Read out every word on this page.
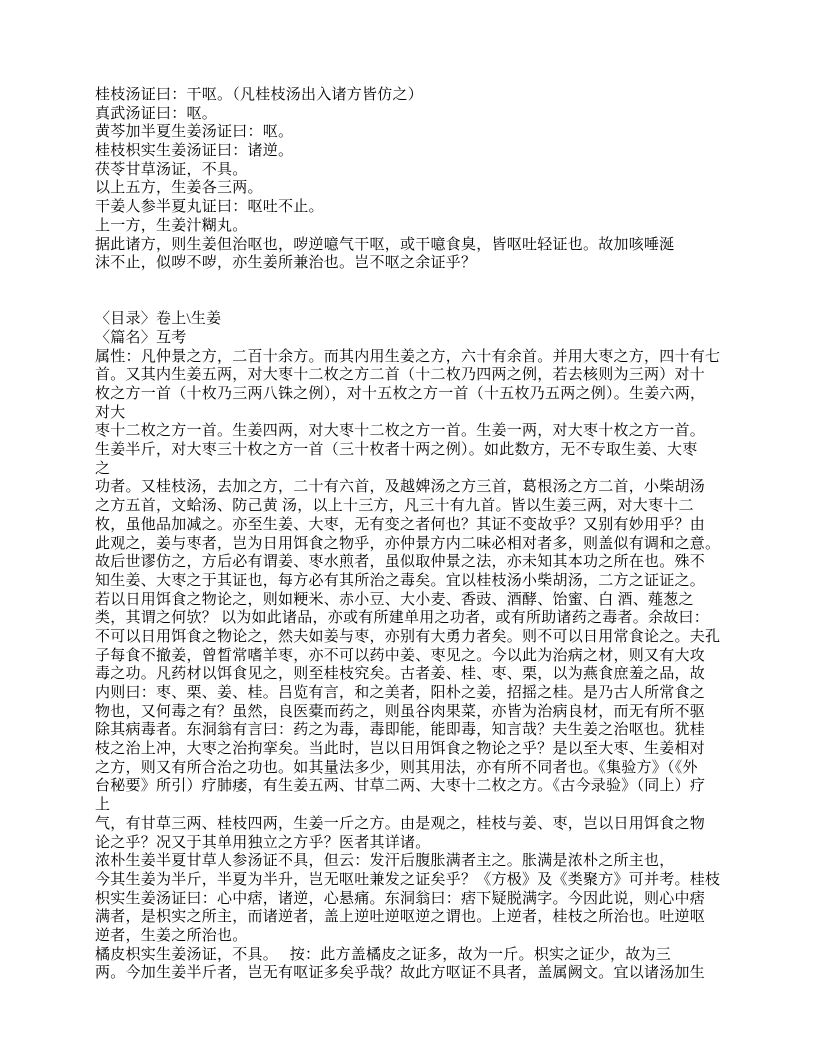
桂枝汤证曰：干呕。（凡桂枝汤出入诸方皆仿之）
真武汤证曰：呕。
黄芩加半夏生姜汤证曰：呕。
桂枝枳实生姜汤证曰：诸逆。
茯苓甘草汤证，不具。
以上五方，生姜各三两。
干姜人参半夏丸证曰：呕吐不止。
上一方，生姜汁糊丸。
据此诸方，则生姜但治呕也，哕逆噫气干呕，或干噫食臭，皆呕吐轻证也。故加咳唾涎
沫不止，似哕不哕，亦生姜所兼治也。岂不呕之余证乎？
〈目录〉卷上\生姜
〈篇名〉互考
属性：凡仲景之方，二百十余方。而其内用生姜之方，六十有余首。并用大枣之方，四十有七
首。又其内生姜五两，对大枣十二枚之方二首（十二枚乃四两之例，若去核则为三两）对十
枚之方一首（十枚乃三两八铢之例），对十五枚之方一首（十五枚乃五两之例）。生姜六两，
对大
枣十二枚之方一首。生姜四两，对大枣十二枚之方一首。生姜一两，对大枣十枚之方一首。
生姜半斤，对大枣三十枚之方一首（三十枚者十两之例）。如此数方，无不专取生姜、大枣
之
功者。又桂枝汤，去加之方，二十有六首，及越婢汤之方三首，葛根汤之方二首，小柴胡汤
之方五首，文蛤汤、防己黄 汤，以上十三方，凡三十有九首。皆以生姜三两，对大枣十二
枚，虽他品加减之。亦至生姜、大枣，无有变之者何也？其证不变故乎？又别有妙用乎？由
此观之，姜与枣者，岂为日用饵食之物乎，亦仲景方内二味必相对者多，则盖似有调和之意。
故后世谬仿之，方后必有谓姜、枣水煎者，虽似取仲景之法，亦未知其本功之所在也。殊不
知生姜、大枣之于其证也，每方必有其所治之毒矣。宜以桂枝汤小柴胡汤，二方之证证之。
若以日用饵食之物论之，则如粳米、赤小豆、大小麦、香豉、酒酵、饴蜜、白 酒、薤葱之
类，其谓之何欤？ 以为如此诸品，亦或有所建单用之功者，或有所助诸药之毒者。余故曰：
不可以日用饵食之物论之，然夫如姜与枣，亦别有大勇力者矣。则不可以日用常食论之。夫孔
子每食不撤姜，曾晳常嗜羊枣，亦不可以药中姜、枣见之。今以此为治病之材，则又有大攻
毒之功。凡药材以饵食见之，则至桂枝究矣。古者姜、桂、枣、栗，以为燕食庶羞之品，故
内则曰：枣、栗、姜、桂。吕览有言，和之美者，阳朴之姜，招摇之桂。是乃古人所常食之
物也，又何毒之有？虽然，良医橐而药之，则虽谷肉果菜，亦皆为治病良材，而无有所不驱
除其病毒者。东洞翁有言曰：药之为毒，毒即能，能即毒，知言哉？夫生姜之治呕也。犹桂
枝之治上冲，大枣之治拘挛矣。当此时，岂以日用饵食之物论之乎？是以至大枣、生姜相对
之方，则又有所合治之功也。如其量法多少，则其用法，亦有所不同者也。《集验方》（《外
台秘要》所引）疗肺痿，有生姜五两、甘草二两、大枣十二枚之方。《古今录验》（同上）疗
上
气，有甘草三两、桂枝四两，生姜一斤之方。由是观之，桂枝与姜、枣，岂以日用饵食之物
论之乎？况又于其单用独立之方乎？医者其详诸。
浓朴生姜半夏甘草人参汤证不具，但云：发汗后腹胀满者主之。胀满是浓朴之所主也，
今其生姜为半斤，半夏为半升，岂无呕吐兼发之证矣乎？《方极》及《类聚方》可并考。桂枝
枳实生姜汤证曰：心中痞，诸逆，心悬痛。东洞翁曰：痞下疑脱满字。今因此说，则心中痞
满者，是枳实之所主，而诸逆者，盖上逆吐逆呕逆之谓也。上逆者，桂枝之所治也。吐逆呕
逆者，生姜之所治也。
橘皮枳实生姜汤证，不具。　 按：此方盖橘皮之证多，故为一斤。枳实之证少，故为三
两。今加生姜半斤者，岂无有呕证多矣乎哉？故此方呕证不具者，盖属阙文。宜以诸汤加生
